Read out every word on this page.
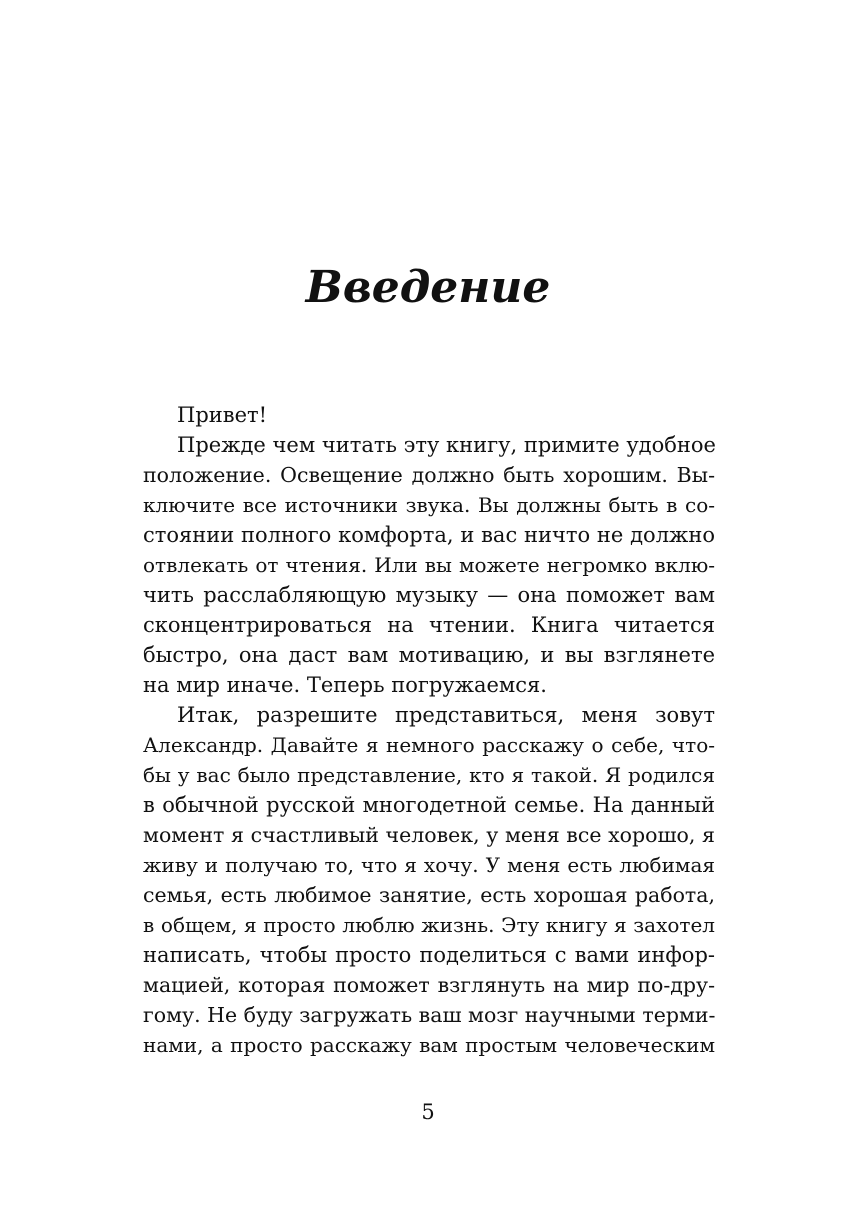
Введение
Привет!
Прежде чем читать эту книгу, примите удобное
положение. Освещение должно быть хорошим. Вы-
ключите все источники звука. Вы должны быть в со-
стоянии полного комфорта, и вас ничто не должно
отвлекать от чтения. Или вы можете негромко вклю-
чить расслабляющую музыку — она поможет вам
сконцентрироваться на чтении. Книга читается
быстро, она даст вам мотивацию, и вы взглянете
на мир иначе. Теперь погружаемся.
Итак, разрешите представиться, меня зовут
Александр. Давайте я немного расскажу о себе, что-
бы у вас было представление, кто я такой. Я родился
в обычной русской многодетной семье. На данный
момент я счастливый человек, у меня все хорошо, я
живу и получаю то, что я хочу. У меня есть любимая
семья, есть любимое занятие, есть хорошая работа,
в общем, я просто люблю жизнь. Эту книгу я захотел
написать, чтобы просто поделиться с вами инфор-
мацией, которая поможет взглянуть на мир по-дру-
гому. Не буду загружать ваш мозг научными терми-
нами, а просто расскажу вам простым человеческим
5
